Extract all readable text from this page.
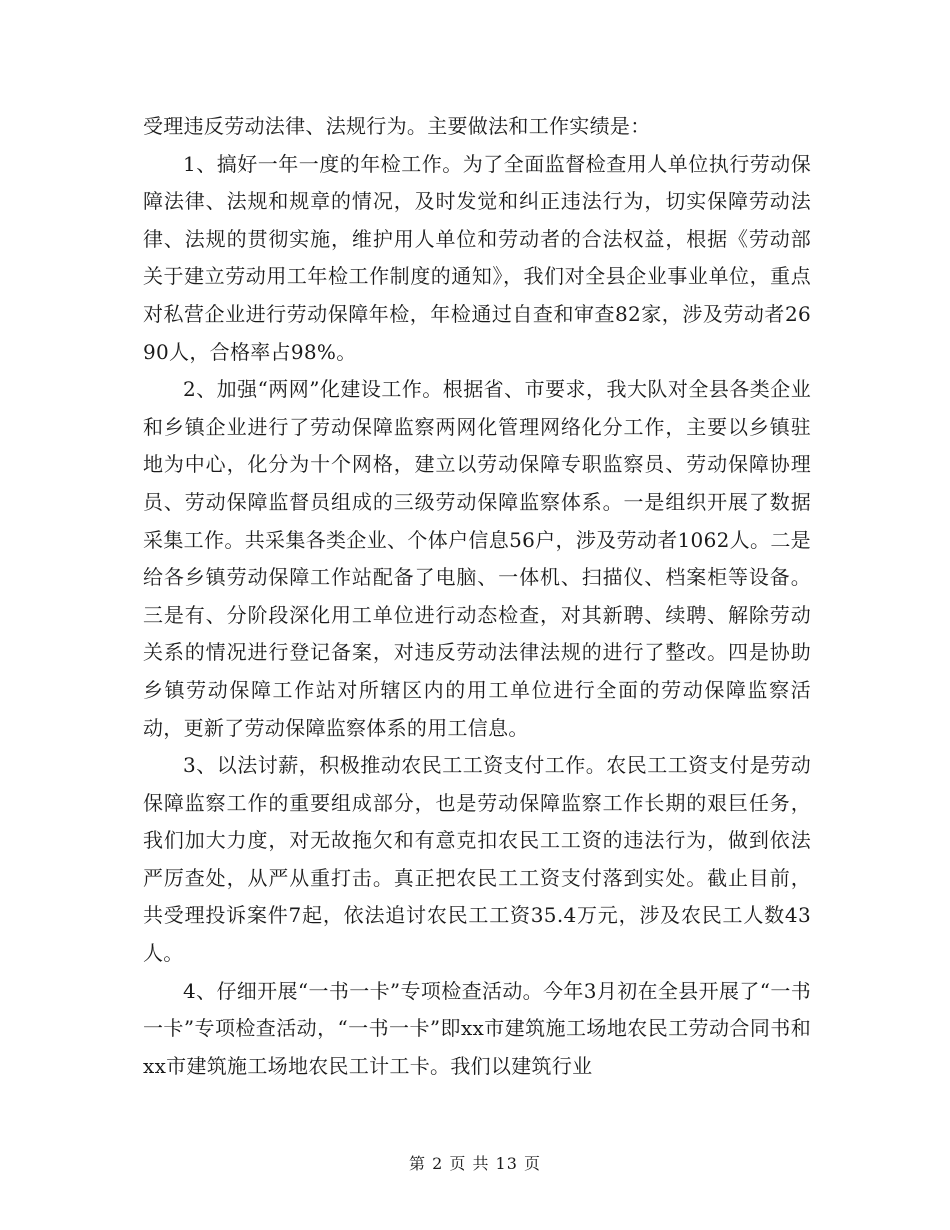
受理违反劳动法律、法规行为。主要做法和工作实绩是：

1、搞好一年一度的年检工作。为了全面监督检查用人单位执行劳动保障法律、法规和规章的情况，及时发觉和纠正违法行为，切实保障劳动法律、法规的贯彻实施，维护用人单位和劳动者的合法权益，根据《劳动部关于建立劳动用工年检工作制度的通知》，我们对全县企业事业单位，重点对私营企业进行劳动保障年检，年检通过自查和审查82家，涉及劳动者2690人，合格率占98%。

2、加强“两网”化建设工作。根据省、市要求，我大队对全县各类企业和乡镇企业进行了劳动保障监察两网化管理网络化分工作，主要以乡镇驻地为中心，化分为十个网格，建立以劳动保障专职监察员、劳动保障协理员、劳动保障监督员组成的三级劳动保障监察体系。一是组织开展了数据采集工作。共采集各类企业、个体户信息56户，涉及劳动者1062人。二是给各乡镇劳动保障工作站配备了电脑、一体机、扫描仪、档案柜等设备。三是有、分阶段深化用工单位进行动态检查，对其新聘、续聘、解除劳动关系的情况进行登记备案，对违反劳动法律法规的进行了整改。四是协助乡镇劳动保障工作站对所辖区内的用工单位进行全面的劳动保障监察活动，更新了劳动保障监察体系的用工信息。

3、以法讨薪，积极推动农民工工资支付工作。农民工工资支付是劳动保障监察工作的重要组成部分，也是劳动保障监察工作长期的艰巨任务，我们加大力度，对无故拖欠和有意克扣农民工工资的违法行为，做到依法严厉查处，从严从重打击。真正把农民工工资支付落到实处。截止目前，共受理投诉案件7起，依法追讨农民工工资35.4万元，涉及农民工人数43人。

4、仔细开展“一书一卡”专项检查活动。今年3月初在全县开展了“一书一卡”专项检查活动，“一书一卡”即xx市建筑施工场地农民工劳动合同书和xx市建筑施工场地农民工计工卡。我们以建筑行业

第 2 页 共 13 页
